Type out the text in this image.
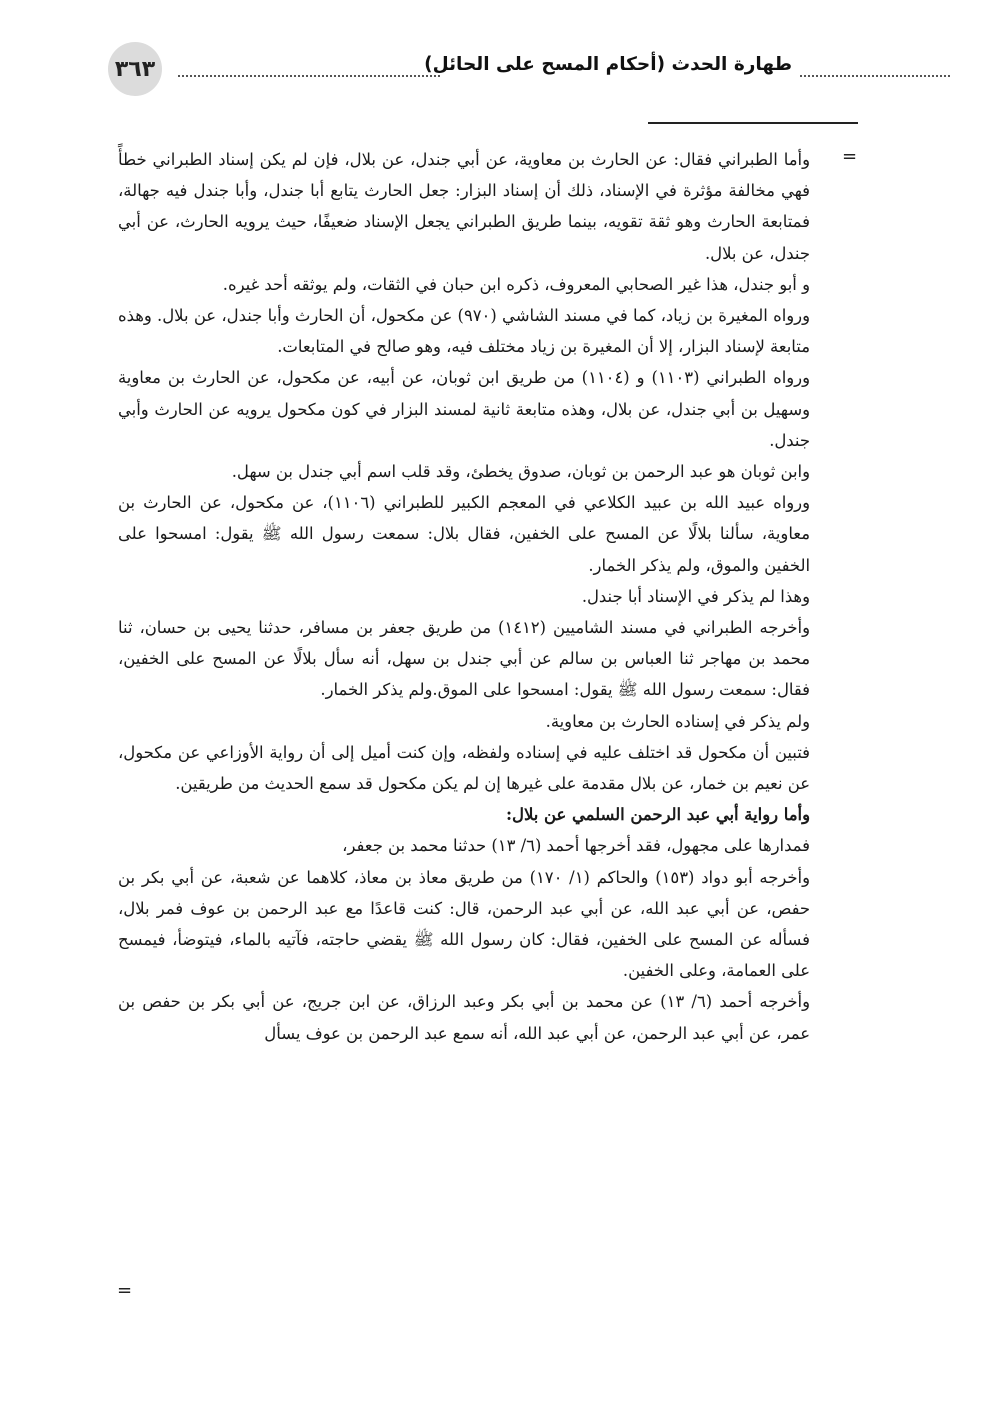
٣٦٣	طهارة الحدث (أحكام المسح على الحائل)
=

وأما الطبراني فقال: عن الحارث بن معاوية، عن أبي جندل، عن بلال، فإن لم يكن إسناد الطبراني خطأً فهي مخالفة مؤثرة في الإسناد، ذلك أن إسناد البزار: جعل الحارث يتابع أبا جندل، وأبا جندل فيه جهالة، فمتابعة الحارث وهو ثقة تقويه، بينما طريق الطبراني يجعل الإسناد ضعيفًا، حيث يرويه الحارث، عن أبي جندل، عن بلال.

و أبو جندل، هذا غير الصحابي المعروف، ذكره ابن حبان في الثقات، ولم يوثقه أحد غيره.

ورواه المغيرة بن زياد، كما في مسند الشاشي (٩٧٠) عن مكحول، أن الحارث وأبا جندل، عن بلال. وهذه متابعة لإسناد البزار، إلا أن المغيرة بن زياد مختلف فيه، وهو صالح في المتابعات.

ورواه الطبراني (١١٠٣) و (١١٠٤) من طريق ابن ثوبان، عن أبيه، عن مكحول، عن الحارث بن معاوية وسهيل بن أبي جندل، عن بلال، وهذه متابعة ثانية لمسند البزار في كون مكحول يرويه عن الحارث وأبي جندل.

وابن ثوبان هو عبد الرحمن بن ثوبان، صدوق يخطئ، وقد قلب اسم أبي جندل بن سهل.

ورواه عبيد الله بن عبيد الكلاعي في المعجم الكبير للطبراني (١١٠٦)، عن مكحول، عن الحارث بن معاوية، سألنا بلالًا عن المسح على الخفين، فقال بلال: سمعت رسول الله ﷺ يقول: امسحوا على الخفين والموق، ولم يذكر الخمار.

وهذا لم يذكر في الإسناد أبا جندل.

وأخرجه الطبراني في مسند الشاميين (١٤١٢) من طريق جعفر بن مسافر، حدثنا يحيى بن حسان، ثنا محمد بن مهاجر ثنا العباس بن سالم عن أبي جندل بن سهل، أنه سأل بلالًا عن المسح على الخفين، فقال: سمعت رسول الله ﷺ يقول: امسحوا على الموق.ولم يذكر الخمار.

ولم يذكر في إسناده الحارث بن معاوية.

فتبين أن مكحول قد اختلف عليه في إسناده ولفظه، وإن كنت أميل إلى أن رواية الأوزاعي عن مكحول، عن نعيم بن خمار، عن بلال مقدمة على غيرها إن لم يكن مكحول قد سمع الحديث من طريقين.

وأما رواية أبي عبد الرحمن السلمي عن بلال:

فمدارها على مجهول، فقد أخرجها أحمد (٦/ ١٣) حدثنا محمد بن جعفر،

وأخرجه أبو دواد (١٥٣) والحاكم (١/ ١٧٠) من طريق معاذ بن معاذ، كلاهما عن شعبة، عن أبي بكر بن حفص، عن أبي عبد الله، عن أبي عبد الرحمن، قال: كنت قاعدًا مع عبد الرحمن بن عوف فمر بلال، فسأله عن المسح على الخفين، فقال: كان رسول الله ﷺ يقضي حاجته، فآتيه بالماء، فيتوضأ، فيمسح على العمامة، وعلى الخفين.

وأخرجه أحمد (٦/ ١٣) عن محمد بن أبي بكر وعبد الرزاق، عن ابن جريج، عن أبي بكر بن حفص بن عمر، عن أبي عبد الرحمن، عن أبي عبد الله، أنه سمع عبد الرحمن بن عوف يسأل

=
